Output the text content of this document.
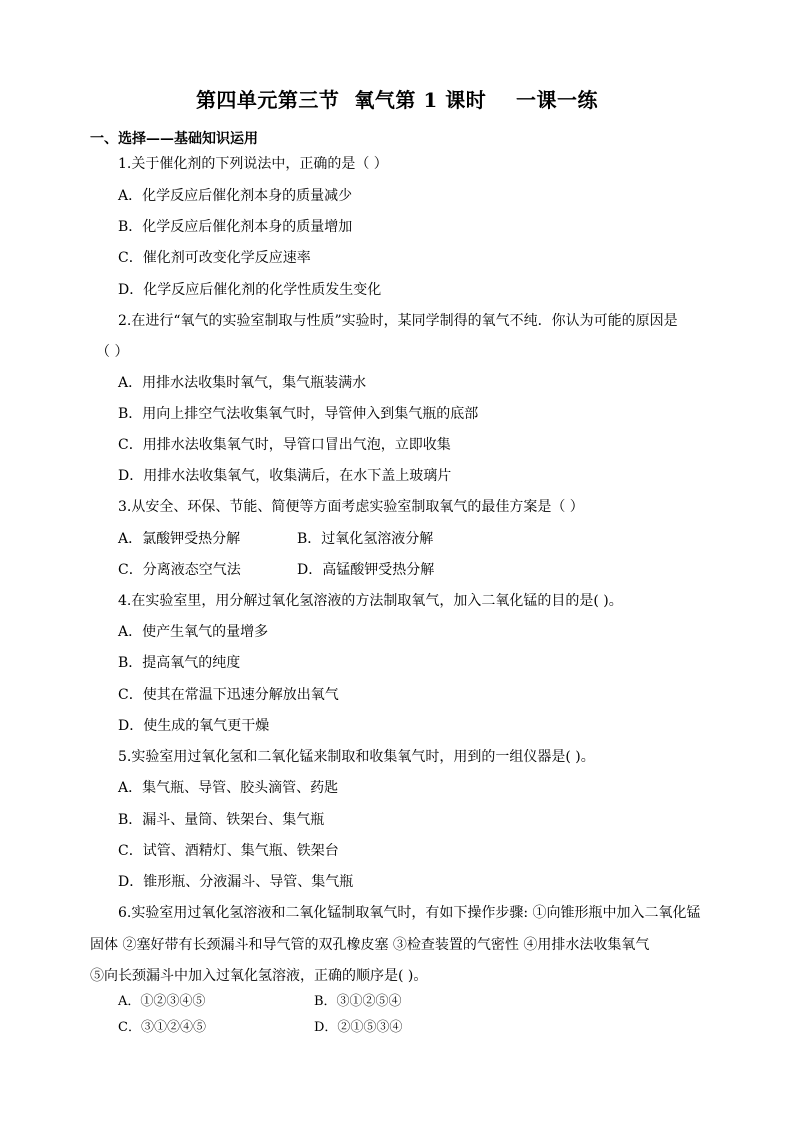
第四单元第三节  氧气第 1 课时    一课一练
一、选择——基础知识运用
1.关于催化剂的下列说法中，正确的是（ ）
A．化学反应后催化剂本身的质量减少
B．化学反应后催化剂本身的质量增加
C．催化剂可改变化学反应速率
D．化学反应后催化剂的化学性质发生变化
2.在进行“氧气的实验室制取与性质”实验时，某同学制得的氧气不纯．你认为可能的原因是
（ ）
A．用排水法收集时氧气，集气瓶装满水
B．用向上排空气法收集氧气时，导管伸入到集气瓶的底部
C．用排水法收集氧气时，导管口冒出气泡，立即收集
D．用排水法收集氧气，收集满后，在水下盖上玻璃片
3.从安全、环保、节能、简便等方面考虑实验室制取氧气的最佳方案是（ ）
A．氯酸钾受热分解	B．过氧化氢溶液分解
C．分离液态空气法	D．高锰酸钾受热分解
4.在实验室里，用分解过氧化氢溶液的方法制取氧气，加入二氧化锰的目的是( )。
A．使产生氧气的量增多
B．提高氧气的纯度
C．使其在常温下迅速分解放出氧气
D．使生成的氧气更干燥
5.实验室用过氧化氢和二氧化锰来制取和收集氧气时，用到的一组仪器是( )。
A．集气瓶、导管、胶头滴管、药匙
B．漏斗、量筒、铁架台、集气瓶
C．试管、酒精灯、集气瓶、铁架台
D．锥形瓶、分液漏斗、导管、集气瓶
6.实验室用过氧化氢溶液和二氧化锰制取氧气时，有如下操作步骤: ①向锥形瓶中加入二氧化锰
固体 ②塞好带有长颈漏斗和导气管的双孔橡皮塞 ③检查装置的气密性 ④用排水法收集氧气
⑤向长颈漏斗中加入过氧化氢溶液，正确的顺序是( )。
A．①②③④⑤	B．③①②⑤④
C．③①②④⑤	D．②①⑤③④
